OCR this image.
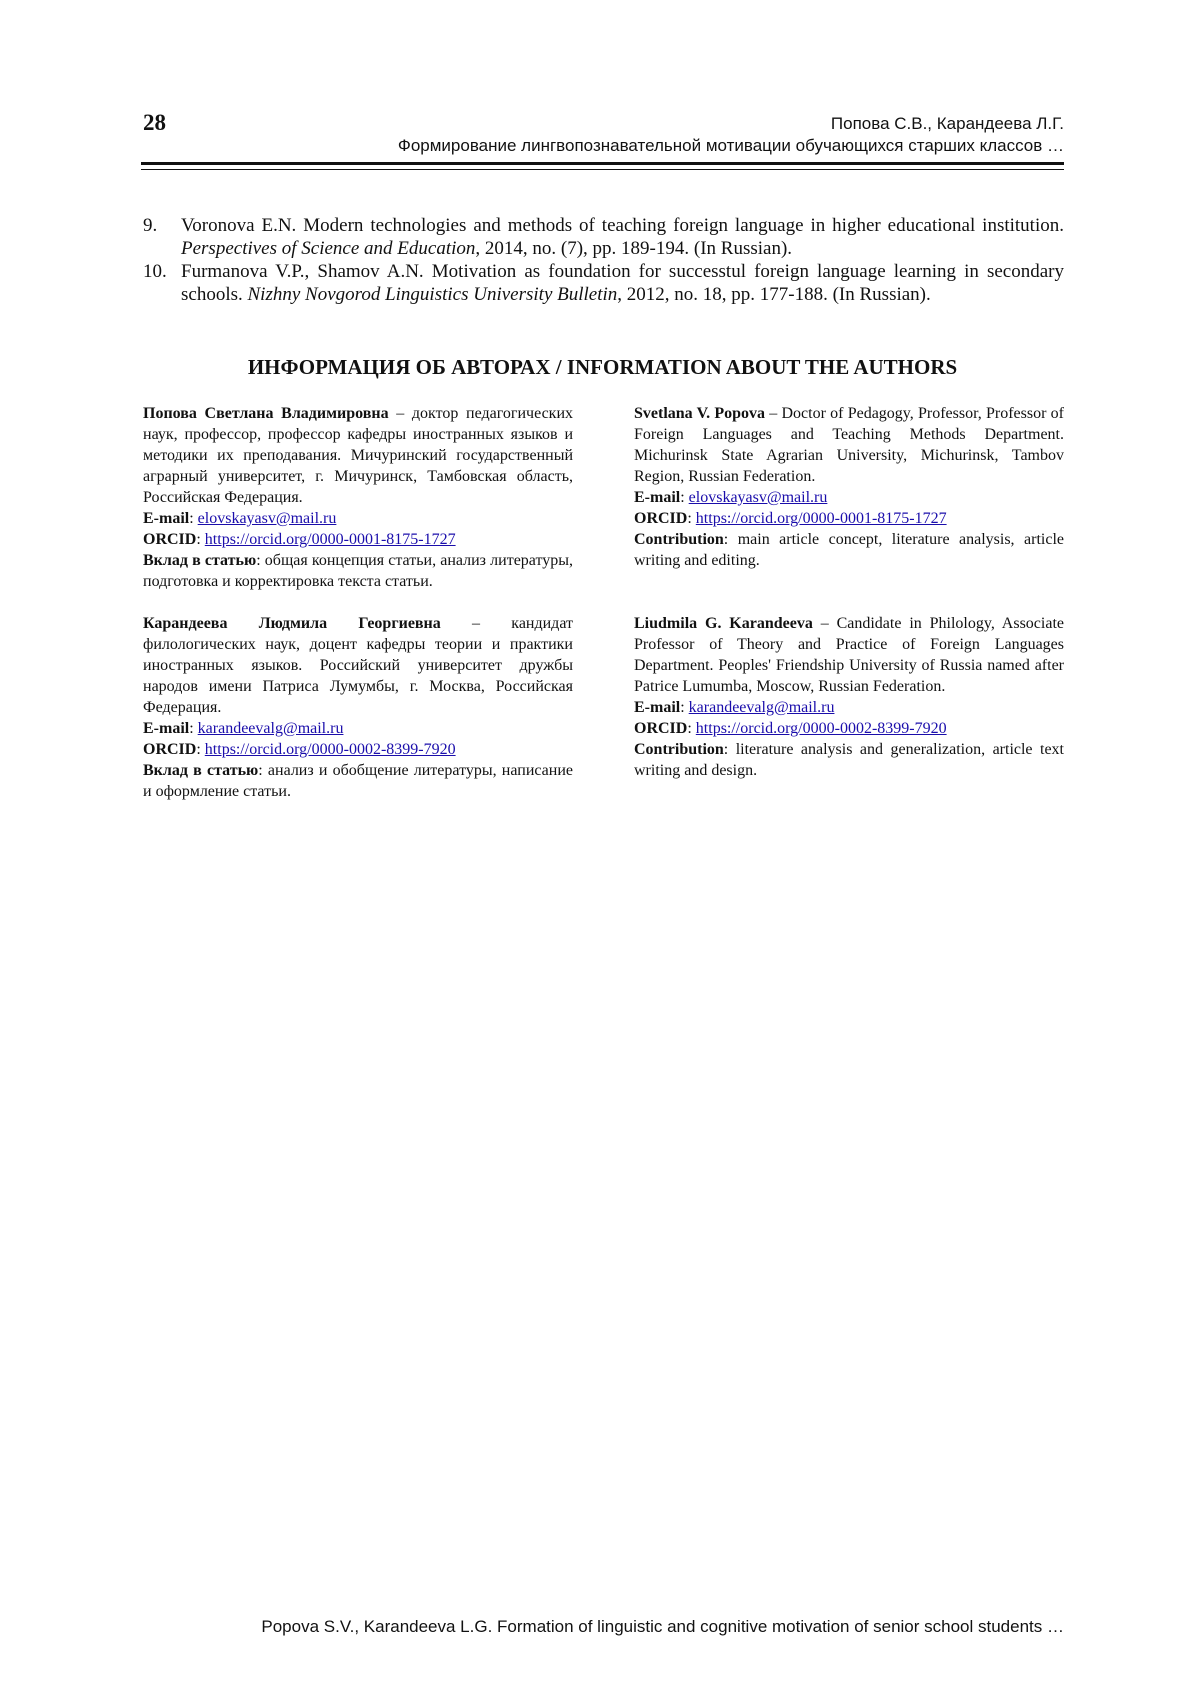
28	Попова С.В., Карандеева Л.Г.
Формирование лингвопознавательной мотивации обучающихся старших классов …
9. Voronova E.N. Modern technologies and methods of teaching foreign language in higher educational institution. Perspectives of Science and Education, 2014, no. (7), pp. 189-194. (In Russian).
10. Furmanova V.P., Shamov A.N. Motivation as foundation for successtul foreign language learning in secondary schools. Nizhny Novgorod Linguistics University Bulletin, 2012, no. 18, pp. 177-188. (In Russian).
ИНФОРМАЦИЯ ОБ АВТОРАХ / INFORMATION ABOUT THE AUTHORS

Попова Светлана Владимировна – доктор педагогических наук, профессор, профессор кафедры иностранных языков и методики их преподавания. Мичуринский государственный аграрный университет, г. Мичуринск, Тамбовская область, Российская Федерация.

E-mail: elovskayasv@mail.ru

ORCID: https://orcid.org/0000-0001-8175-1727

Вклад в статью: общая концепция статьи, анализ литературы, подготовка и корректировка текста статьи.

Svetlana V. Popova – Doctor of Pedagogy, Professor, Professor of Foreign Languages and Teaching Methods Department. Michurinsk State Agrarian University, Michurinsk, Tambov Region, Russian Federation.

E-mail: elovskayasv@mail.ru

ORCID: https://orcid.org/0000-0001-8175-1727

Contribution: main article concept, literature analysis, article writing and editing.

Карандеева Людмила Георгиевна – кандидат филологических наук, доцент кафедры теории и практики иностранных языков. Российский университет дружбы народов имени Патриса Лумумбы, г. Москва, Российская Федерация.

E-mail: karandeevalg@mail.ru

ORCID: https://orcid.org/0000-0002-8399-7920

Вклад в статью: анализ и обобщение литературы, написание и оформление статьи.

Liudmila G. Karandeeva – Candidate in Philology, Associate Professor of Theory and Practice of Foreign Languages Department. Peoples' Friendship University of Russia named after Patrice Lumumba, Moscow, Russian Federation.

E-mail: karandeevalg@mail.ru

ORCID: https://orcid.org/0000-0002-8399-7920

Contribution: literature analysis and generalization, article text writing and design.

Popova S.V., Karandeeva L.G. Formation of linguistic and cognitive motivation of senior school students …
